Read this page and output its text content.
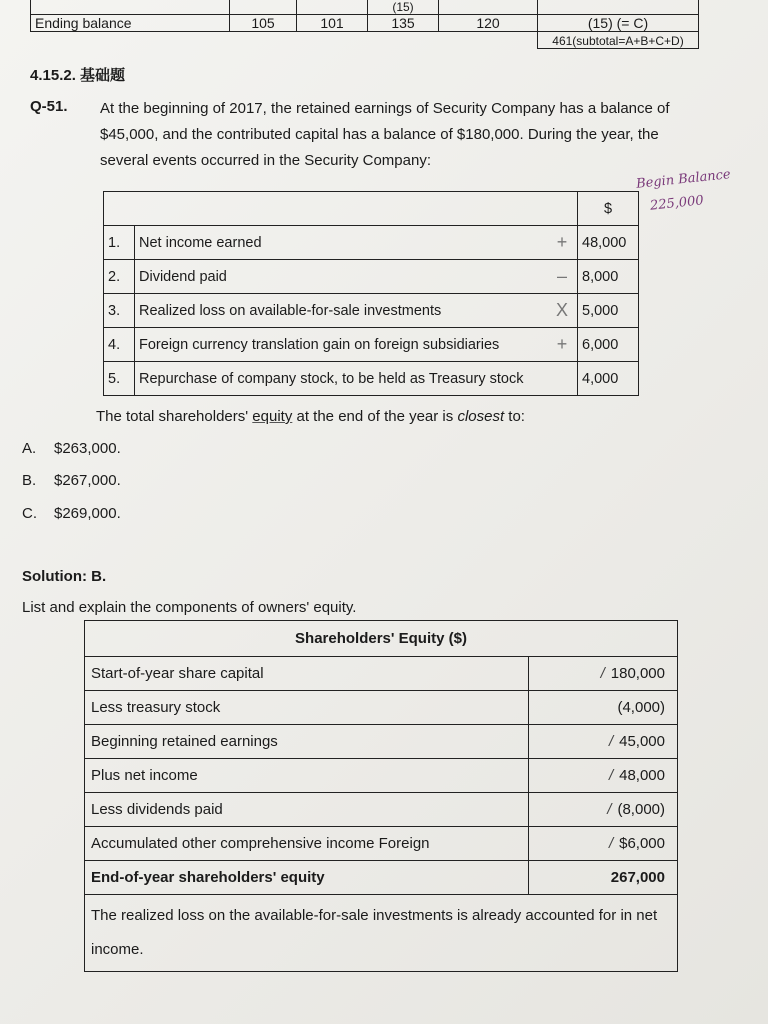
			(15)		
Ending balance	105	101	135	120	(15) (= C)
					461(subtotal=A+B+C+D)
4.15.2. 基础题
Q-51. At the beginning of 2017, the retained earnings of Security Company has a balance of $45,000, and the contributed capital has a balance of $180,000. During the year, the several events occurred in the Security Company:

Begin Balance
225,000
			$
1.	Net income earned	+	48,000
2.	Dividend paid	–	8,000
3.	Realized loss on available-for-sale investments	X	5,000
4.	Foreign currency translation gain on foreign subsidiaries	+	6,000
5.	Repurchase of company stock, to be held as Treasury stock		4,000
The total shareholders' equity at the end of the year is closest to:
A. $263,000.
B. $267,000.
C. $269,000.
Solution: B.
List and explain the components of owners' equity.
Shareholders' Equity ($)	
Start-of-year share capital	/ 180,000
Less treasury stock	(4,000)
Beginning retained earnings	/ 45,000
Plus net income	/ 48,000
Less dividends paid	/ (8,000)
Accumulated other comprehensive income Foreign	/ $6,000
End-of-year shareholders' equity	267,000
The realized loss on the available-for-sale investments is already accounted for in net income.	
